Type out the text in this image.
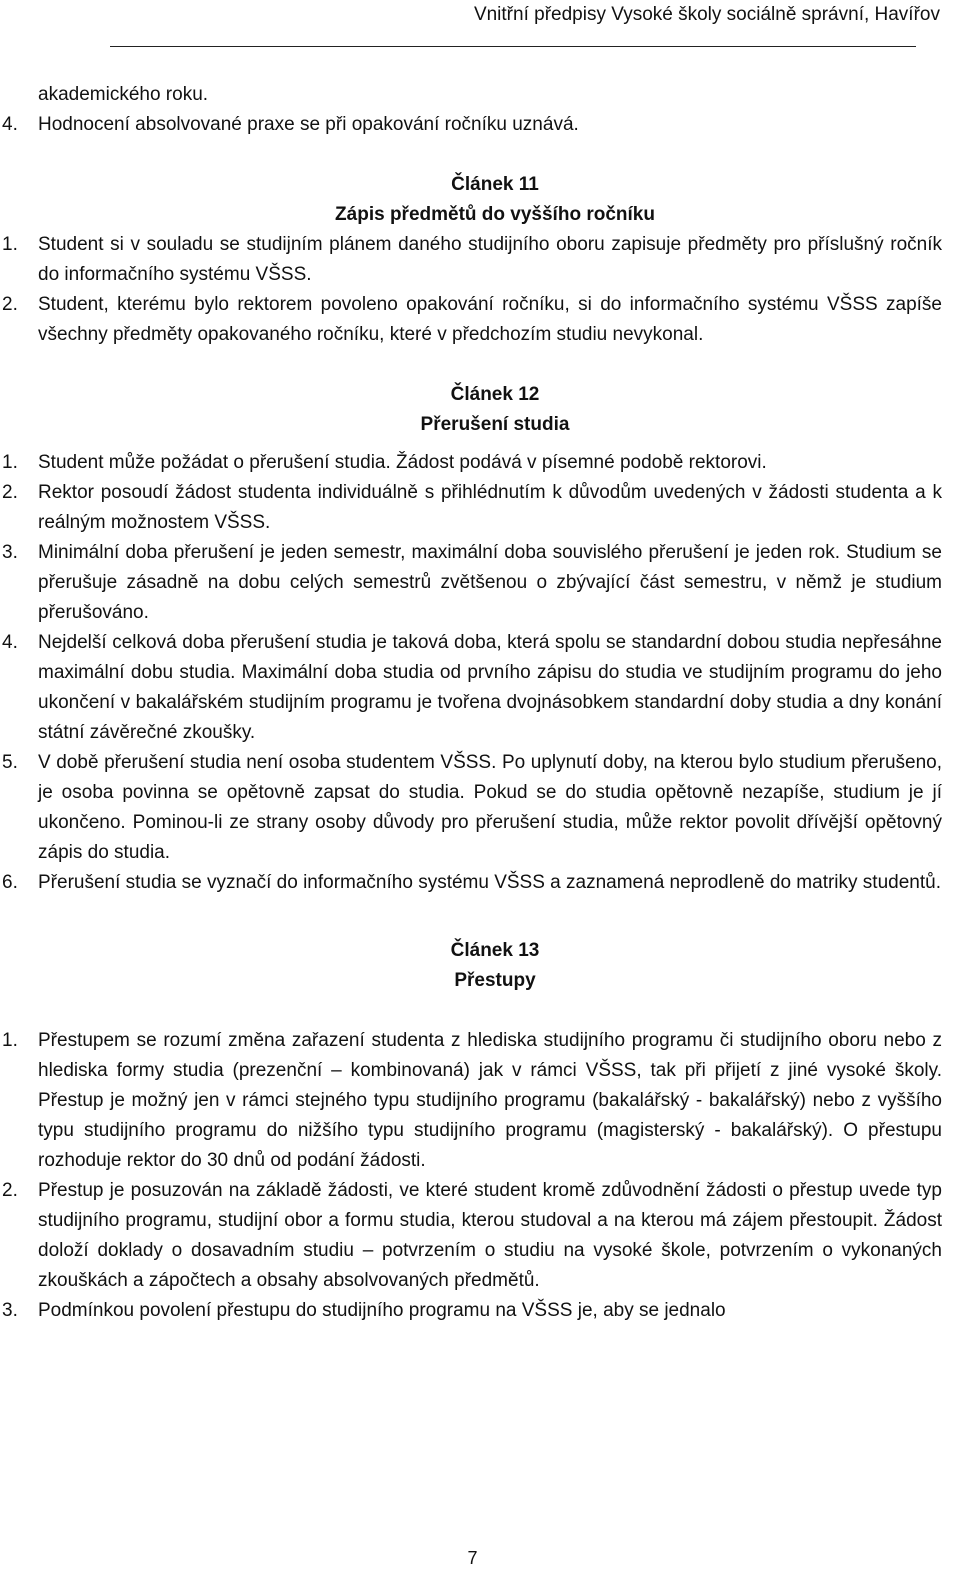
Vnitřní předpisy Vysoké školy sociálně správní, Havířov

akademického roku.

4.	Hodnocení absolvované praxe se při opakování ročníku uznává.

Článek 11

Zápis předmětů do vyššího ročníku

1.	Student si v souladu se studijním plánem daného studijního oboru zapisuje předměty pro příslušný ročník do informačního systému VŠSS.
2.	Student, kterému bylo rektorem povoleno opakování ročníku, si do informačního systému VŠSS zapíše všechny předměty opakovaného ročníku, které v předchozím studiu nevykonal.

Článek 12

Přerušení studia

1.	Student může požádat o přerušení studia. Žádost podává v písemné podobě rektorovi.
2.	Rektor posoudí žádost studenta individuálně s přihlédnutím k důvodům uvedených v žádosti studenta a k reálným možnostem VŠSS.
3.	Minimální doba přerušení je jeden semestr, maximální doba souvislého přerušení je jeden rok. Studium se přerušuje zásadně na dobu celých semestrů zvětšenou o zbývající část semestru, v němž je studium přerušováno.
4.	Nejdelší celková doba přerušení studia je taková doba, která spolu se standardní dobou studia nepřesáhne maximální dobu studia. Maximální doba studia od prvního zápisu do studia ve studijním programu do jeho ukončení v bakalářském studijním programu je tvořena dvojnásobkem standardní doby studia a dny konání státní závěrečné zkoušky.
5.	V době přerušení studia není osoba studentem VŠSS. Po uplynutí doby, na kterou bylo studium přerušeno, je osoba povinna se opětovně zapsat do studia. Pokud se do studia opětovně nezapíše, studium je jí ukončeno. Pominou-li ze strany osoby důvody pro přerušení studia, může rektor povolit dřívější opětovný zápis do studia.
6.	Přerušení studia se vyznačí do informačního systému VŠSS a zaznamená neprodleně do matriky studentů.

Článek 13

Přestupy

1.	Přestupem se rozumí změna zařazení studenta z hlediska studijního programu či studijního oboru nebo z hlediska formy studia (prezenční – kombinovaná) jak v rámci VŠSS, tak při přijetí z jiné vysoké školy. Přestup je možný jen v rámci stejného typu studijního programu (bakalářský - bakalářský) nebo z vyššího typu studijního programu do nižšího typu studijního programu (magisterský - bakalářský). O přestupu rozhoduje rektor do 30 dnů od podání žádosti.
2.	Přestup je posuzován na základě žádosti, ve které student kromě zdůvodnění žádosti o přestup uvede typ studijního programu, studijní obor a formu studia, kterou studoval a na kterou má zájem přestoupit. Žádost doloží doklady o dosavadním studiu – potvrzením o studiu na vysoké škole, potvrzením o vykonaných zkouškách a zápočtech a obsahy absolvovaných předmětů.
3.	Podmínkou povolení přestupu do studijního programu na VŠSS je, aby se jednalo
7
